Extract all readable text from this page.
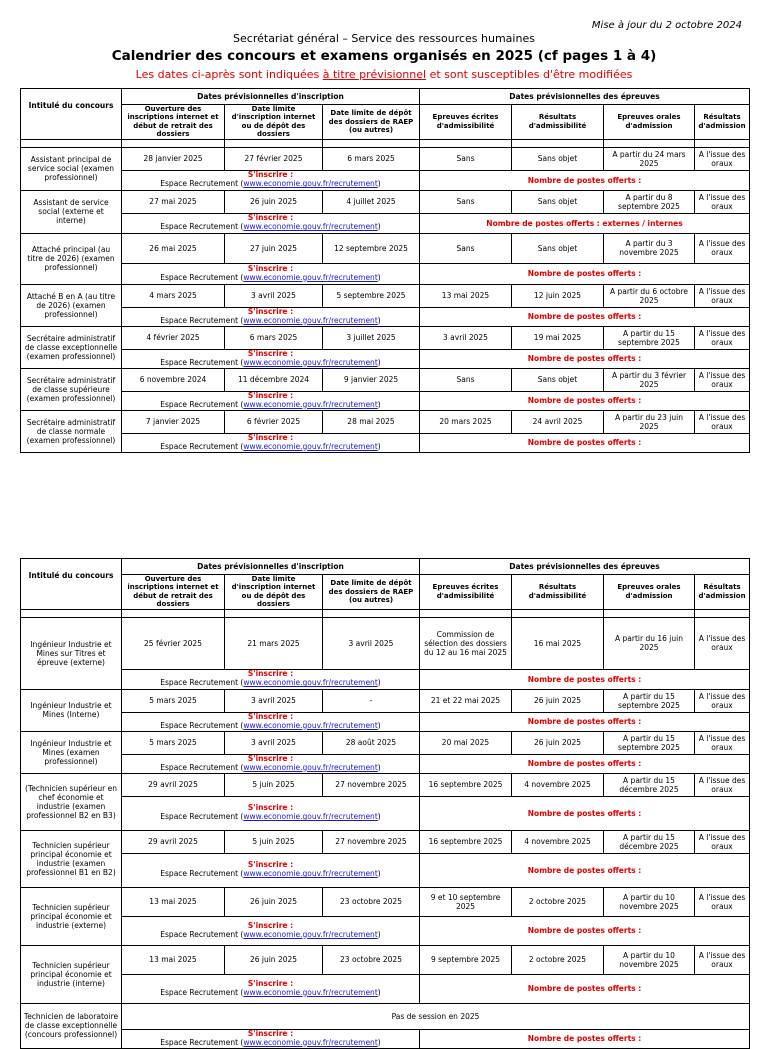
Mise à jour du 2 octobre 2024
Secrétariat général – Service des ressources humaines
Calendrier des concours et examens organisés en 2025 (cf pages 1 à 4)
Les dates ci-après sont indiquées à titre prévisionnel et sont susceptibles d'être modifiées
Intitulé du concours	Dates prévisionnelles d'inscription			Dates prévisionnelles des épreuves			
	Ouverture des inscriptions internet et début de retrait des dossiers	Date limite d'inscription internet ou de dépôt des dossiers	Date limite de dépôt des dossiers de RAEP (ou autres)	Epreuves écrites d'admissibilité	Résultats d'admissibilité	Epreuves orales d'admission	Résultats d'admission

Assistant principal de service social (examen professionnel)	28 janvier 2025	27 février 2025	6 mars 2025	Sans	Sans objet	A partir du 24 mars 2025	A l'issue des oraux

	S'inscrire :
Espace Recrutement (www.economie.gouv.fr/recrutement)			Nombre de postes offerts :			
Assistant de service social (externe et interne)	27 mai 2025	26 juin 2025	4 juillet 2025	Sans	Sans objet	A partir du 8 septembre 2025	A l'issue des oraux

	S'inscrire :
Espace Recrutement (www.economie.gouv.fr/recrutement)			Nombre de postes offerts : externes / internes			
Attaché principal (au titre de 2026) (examen professionnel)	26 mai 2025	27 juin 2025	12 septembre 2025	Sans	Sans objet	A partir du 3 novembre 2025	A l'issue des oraux

	S'inscrire :
Espace Recrutement (www.economie.gouv.fr/recrutement)			Nombre de postes offerts :			
Attaché B en A (au titre de 2026) (examen professionnel)	4 mars 2025	3 avril 2025	5 septembre 2025	13 mai 2025	12 juin 2025	A partir du 6 octobre 2025	A l'issue des oraux

	S'inscrire :
Espace Recrutement (www.economie.gouv.fr/recrutement)			Nombre de postes offerts :			
Secrétaire administratif de classe exceptionnelle (examen professionnel)	4 février 2025	6 mars 2025	3 juillet 2025	3 avril 2025	19 mai 2025	A partir du 15 septembre 2025	A l'issue des oraux

	S'inscrire :
Espace Recrutement (www.economie.gouv.fr/recrutement)			Nombre de postes offerts :			
Secrétaire administratif de classe supérieure (examen professionnel)	6 novembre 2024	11 décembre 2024	9 janvier 2025	Sans	Sans objet	A partir du 3 février 2025	A l'issue des oraux

	S'inscrire :
Espace Recrutement (www.economie.gouv.fr/recrutement)			Nombre de postes offerts :			
Secrétaire administratif de classe normale (examen professionnel)	7 janvier 2025	6 février 2025	28 mai 2025	20 mars 2025	24 avril 2025	A partir du 23 juin 2025	A l'issue des oraux

	S'inscrire :
Espace Recrutement (www.economie.gouv.fr/recrutement)			Nombre de postes offerts :			
Intitulé du concours	Dates prévisionnelles d'inscription			Dates prévisionnelles des épreuves			
	Ouverture des inscriptions internet et début de retrait des dossiers	Date limite d'inscription internet ou de dépôt des dossiers	Date limite de dépôt des dossiers de RAEP (ou autres)	Epreuves écrites d'admissibilité	Résultats d'admissibilité	Epreuves orales d'admission	Résultats d'admission

Ingénieur Industrie et Mines sur Titres et épreuve (externe)	25 février 2025	21 mars 2025	3 avril 2025	Commission de sélection des dossiers du 12 au 16 mai 2025	16 mai 2025	A partir du 16 juin 2025	A l'issue des oraux

	S'inscrire :
Espace Recrutement (www.economie.gouv.fr/recrutement)			Nombre de postes offerts :			
Ingénieur Industrie et Mines (Interne)	5 mars 2025	3 avril 2025	-	21 et 22 mai 2025	26 juin 2025	A partir du 15 septembre 2025	A l'issue des oraux

	S'inscrire :
Espace Recrutement (www.economie.gouv.fr/recrutement)			Nombre de postes offerts :			
Ingénieur Industrie et Mines (examen professionnel)	5 mars 2025	3 avril 2025	28 août 2025	20 mai 2025	26 juin 2025	A partir du 15 septembre 2025	A l'issue des oraux

	S'inscrire :
Espace Recrutement (www.economie.gouv.fr/recrutement)			Nombre de postes offerts :			
(Technicien supérieur en chef économie et industrie (examen professionnel B2 en B3)	29 avril 2025	5 juin 2025	27 novembre 2025	16 septembre 2025	4 novembre 2025	A partir du 15 décembre 2025	A l'issue des oraux

	S'inscrire :
Espace Recrutement (www.economie.gouv.fr/recrutement)			Nombre de postes offerts :			
Technicien supérieur principal économie et industrie (examen professionnel B1 en B2)	29 avril 2025	5 juin 2025	27 novembre 2025	16 septembre 2025	4 novembre 2025	A partir du 15 décembre 2025	A l'issue des oraux

	S'inscrire :
Espace Recrutement (www.economie.gouv.fr/recrutement)			Nombre de postes offerts :			
Technicien supérieur principal économie et industrie (externe)	13 mai 2025	26 juin 2025	23 octobre 2025	9 et 10 septembre 2025	2 octobre 2025	A partir du 10 novembre 2025	A l'issue des oraux

	S'inscrire :
Espace Recrutement (www.economie.gouv.fr/recrutement)			Nombre de postes offerts :			
Technicien supérieur principal économie et industrie (interne)	13 mai 2025	26 juin 2025	23 octobre 2025	9 septembre 2025	2 octobre 2025	A partir du 10 novembre 2025	A l'issue des oraux

	S'inscrire :
Espace Recrutement (www.economie.gouv.fr/recrutement)			Nombre de postes offerts :			
Technicien de laboratoire de classe exceptionnelle (concours professionnel)	Pas de session en 2025						

	S'inscrire :
Espace Recrutement (www.economie.gouv.fr/recrutement)			Nombre de postes offerts :			
